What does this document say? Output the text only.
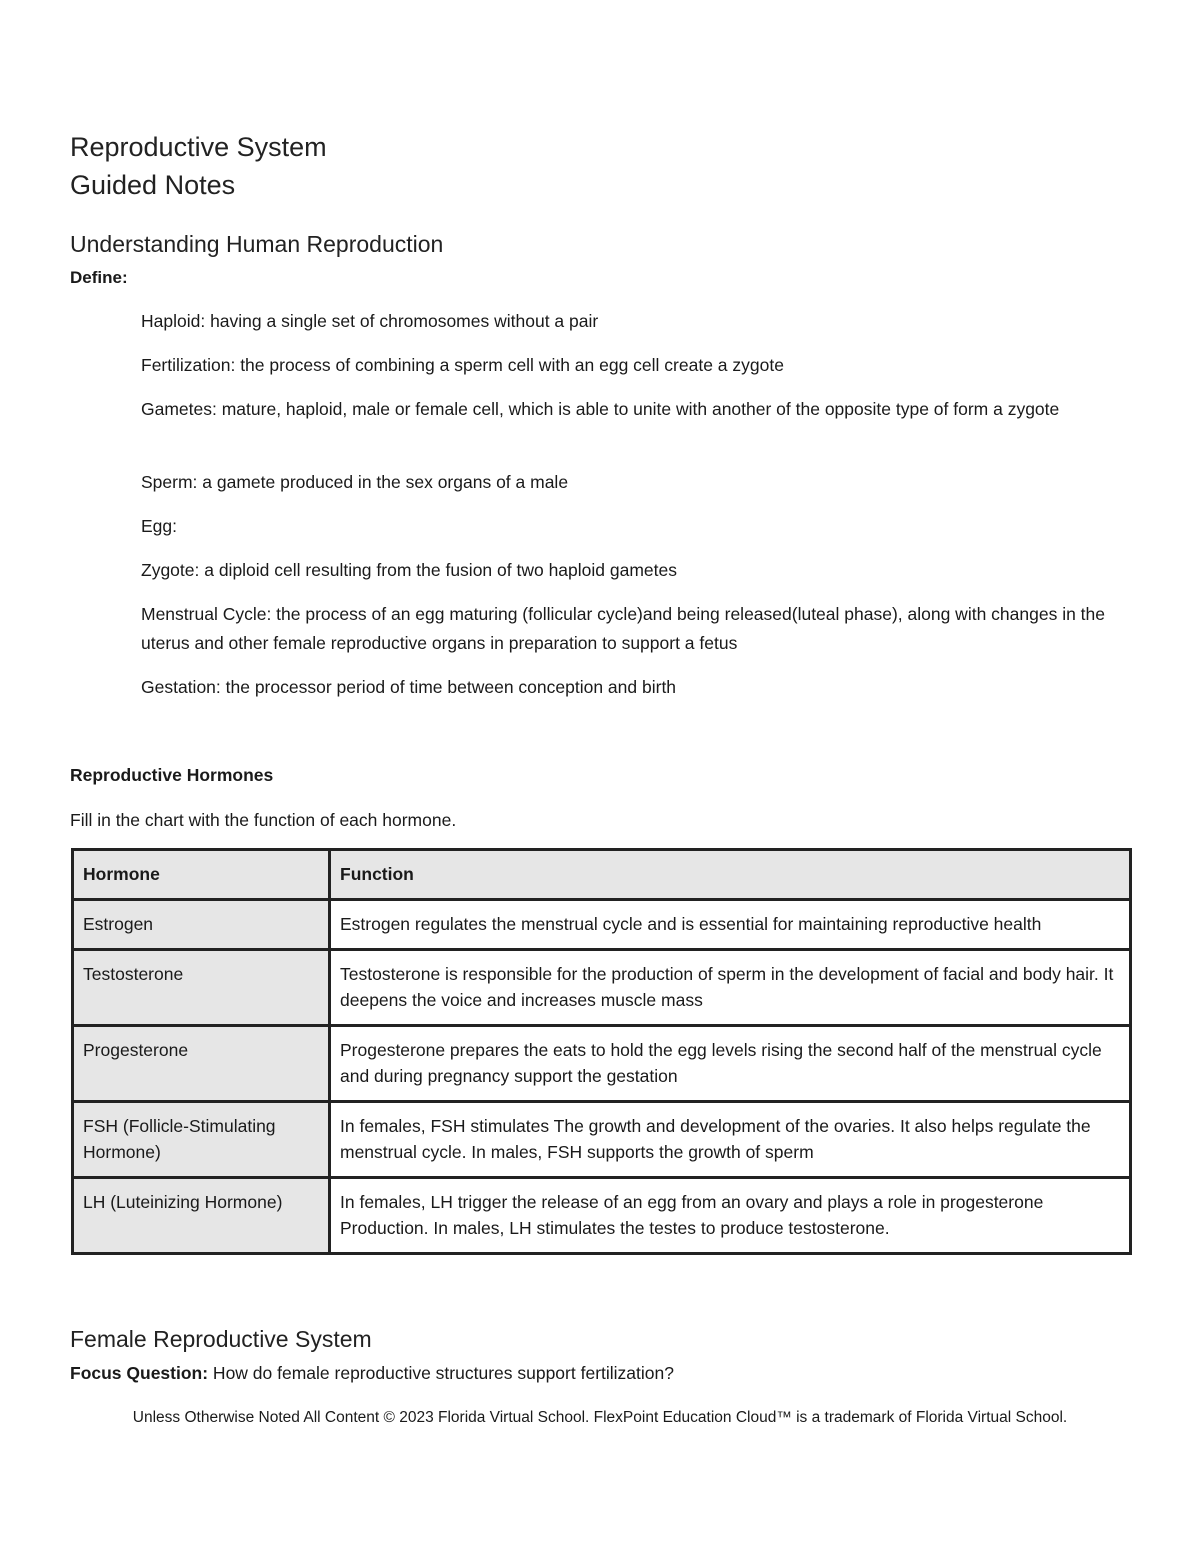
Reproductive System
Guided Notes
Understanding Human Reproduction
Define:
Haploid: having a single set of chromosomes without a pair
Fertilization: the process of combining a sperm cell with an egg cell create a zygote
Gametes: mature, haploid, male or female cell, which is able to unite with another of the opposite type of form a zygote
Sperm: a gamete produced in the sex organs of a male
Egg:
Zygote: a diploid cell resulting from the fusion of two haploid gametes
Menstrual Cycle: the process of an egg maturing (follicular cycle)and being released(luteal phase), along with changes in the uterus and other female reproductive organs in preparation to support a fetus
Gestation: the processor period of time between conception and birth
Reproductive Hormones
Fill in the chart with the function of each hormone.
Hormone	Function
Estrogen	Estrogen regulates the menstrual cycle and is essential for maintaining reproductive health
Testosterone	Testosterone is responsible for the production of sperm in the development of facial and body hair. It deepens the voice and increases muscle mass
Progesterone	Progesterone prepares the eats to hold the egg levels rising the second half of the menstrual cycle and during pregnancy support the gestation
FSH (Follicle-Stimulating Hormone)	In females, FSH stimulates The growth and development of the ovaries. It also helps regulate the menstrual cycle. In males, FSH supports the growth of sperm
LH (Luteinizing Hormone)	In females, LH trigger the release of an egg from an ovary and plays a role in progesterone Production. In males, LH stimulates the testes to produce testosterone.
Female Reproductive System
Focus Question: How do female reproductive structures support fertilization?
Unless Otherwise Noted All Content © 2023 Florida Virtual School. FlexPoint Education Cloud™ is a trademark of Florida Virtual School.
